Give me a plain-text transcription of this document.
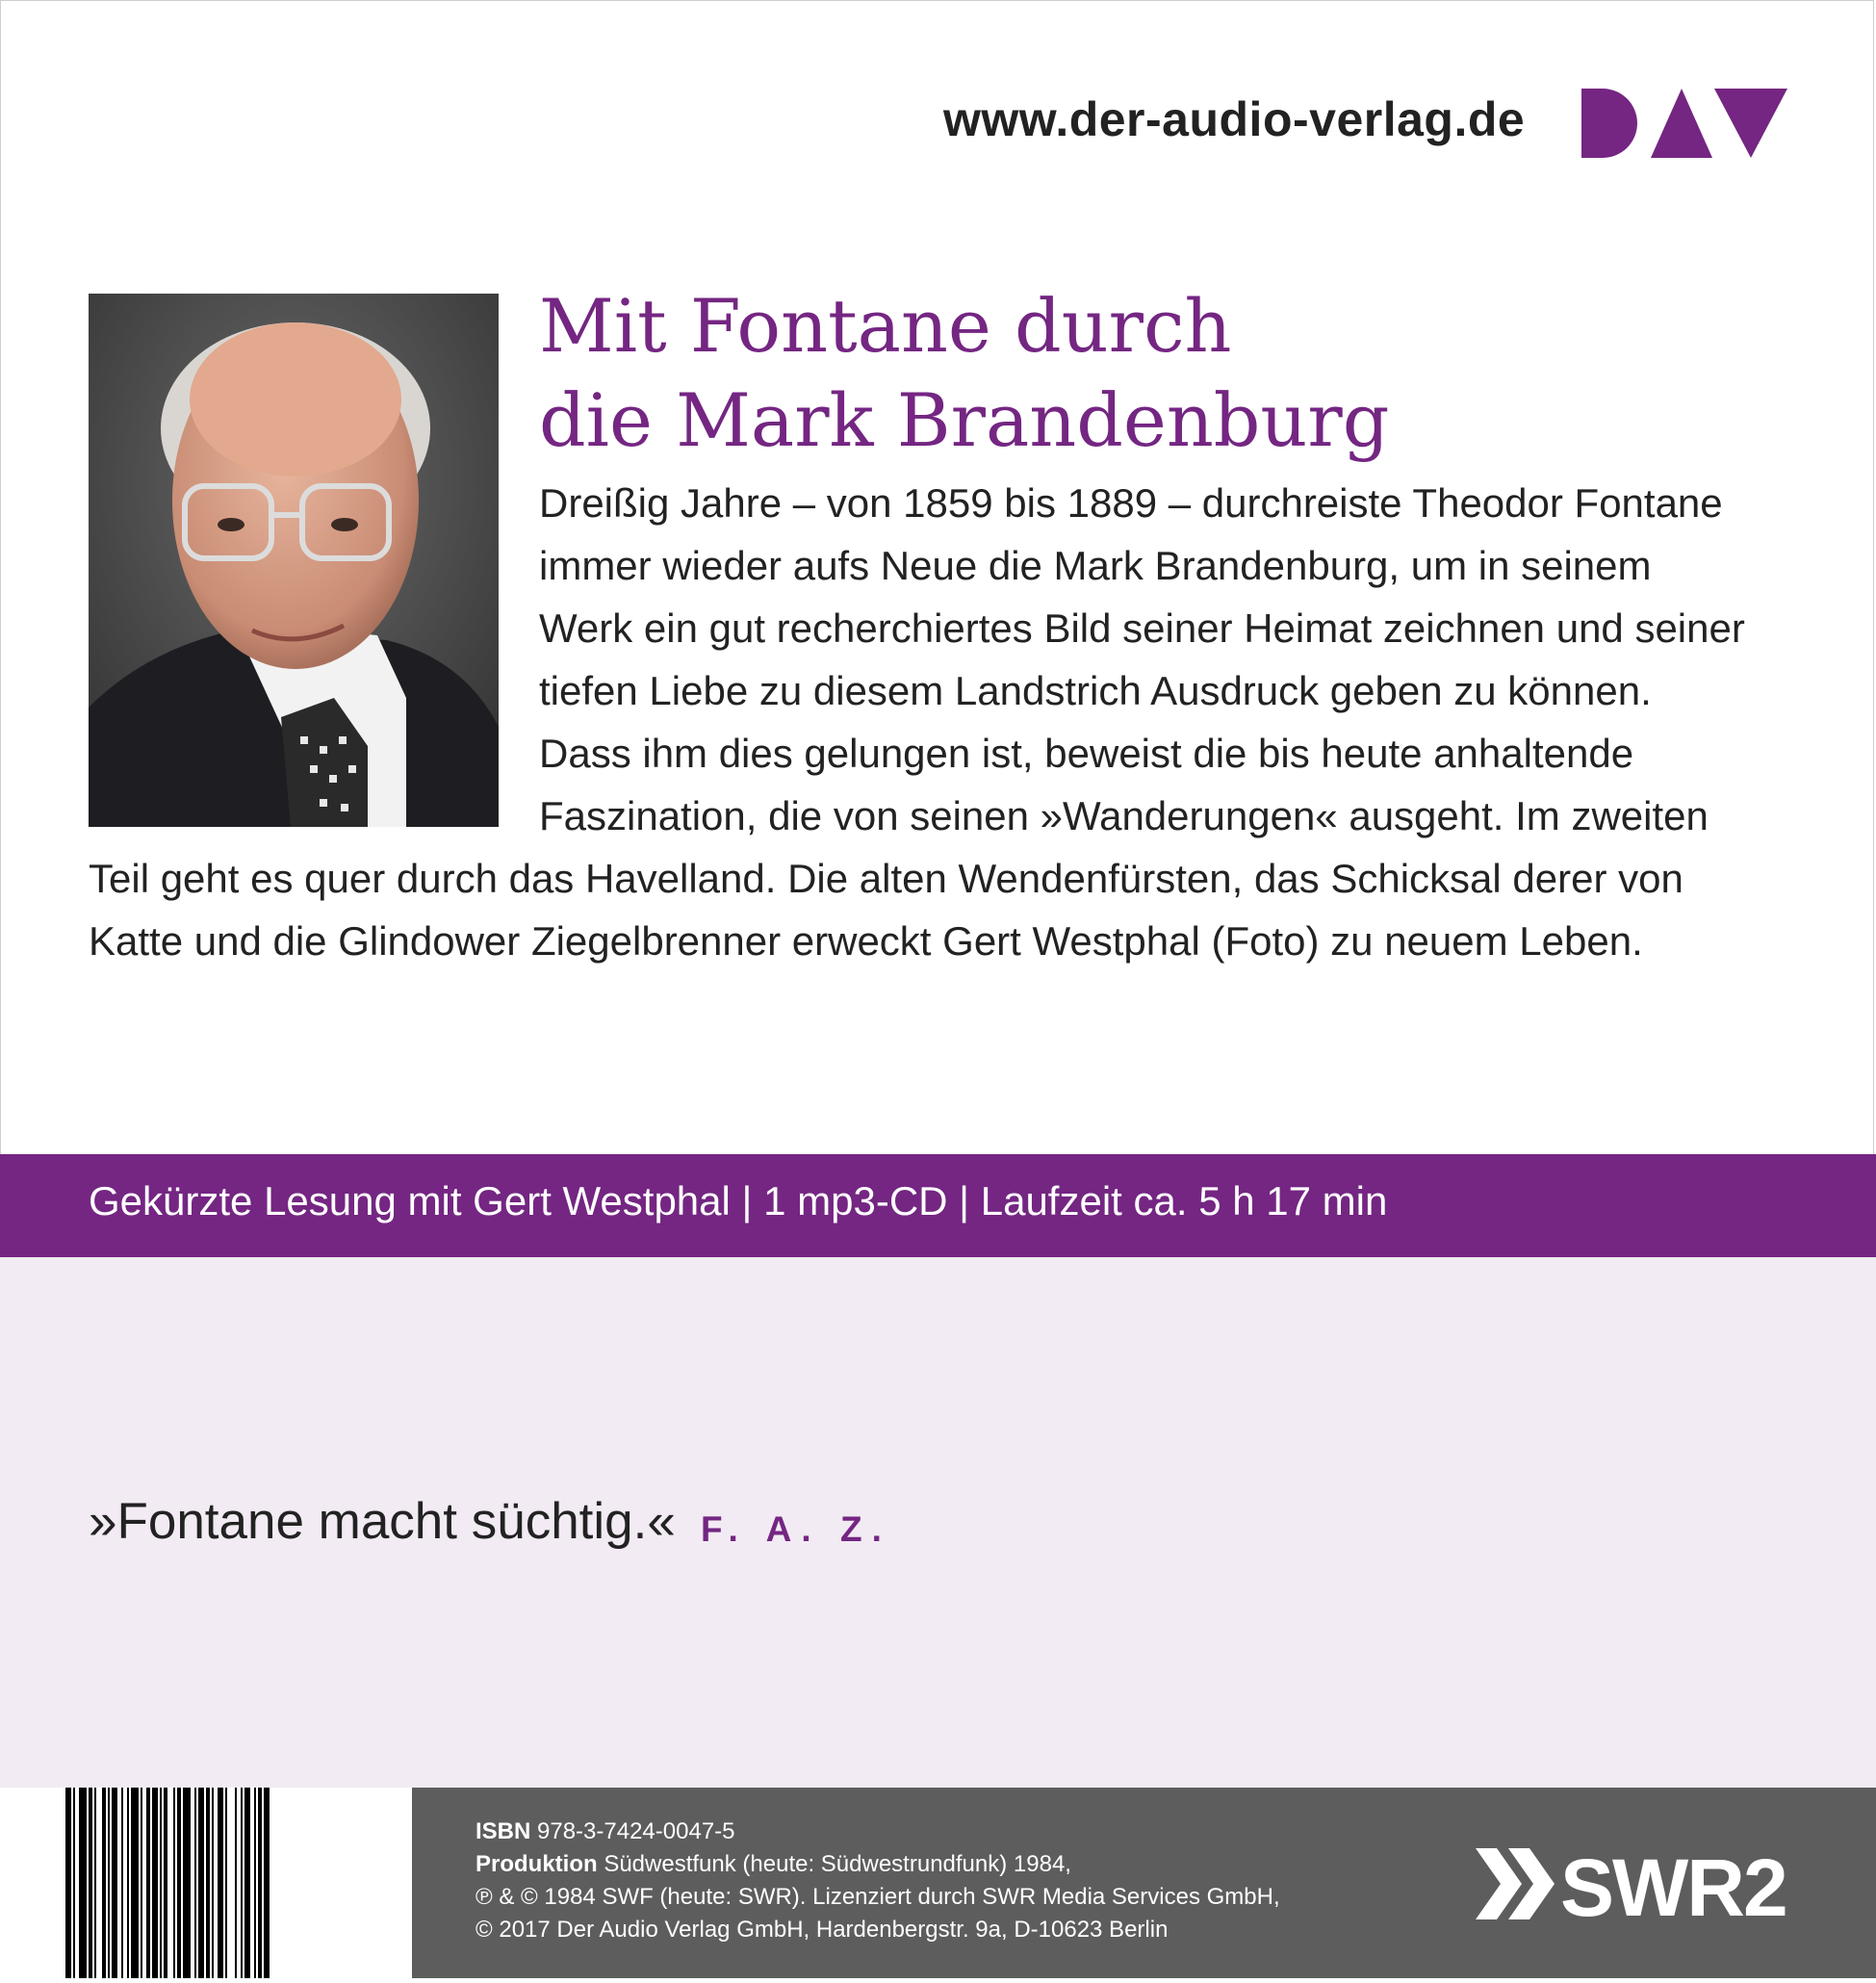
www.der-audio-verlag.de
Mit Fontane durch
die Mark Brandenburg

Dreißig Jahre – von 1859 bis 1889 – durchreiste Theodor Fontane
immer wieder aufs Neue die Mark Brandenburg, um in seinem
Werk ein gut recherchiertes Bild seiner Heimat zeichnen und seiner
tiefen Liebe zu diesem Landstrich Ausdruck geben zu können.
Dass ihm dies gelungen ist, beweist die bis heute anhaltende
Faszination, die von seinen »Wanderungen« ausgeht. Im zweiten
Teil geht es quer durch das Havelland. Die alten Wendenfürsten, das Schicksal derer von
Katte und die Glindower Ziegelbrenner erweckt Gert Westphal (Foto) zu neuem Leben.

Gekürzte Lesung mit Gert Westphal | 1 mp3-CD | Laufzeit ca. 5 h 17 min
»Fontane macht süchtig.« F. A. Z.
ISBN 978-3-7424-0047-5
Produktion Südwestfunk (heute: Südwestrundfunk) 1984,
℗ & © 1984 SWF (heute: SWR). Lizenziert durch SWR Media Services GmbH,
© 2017 Der Audio Verlag GmbH, Hardenbergstr. 9a, D-10623 Berlin	SWR2
